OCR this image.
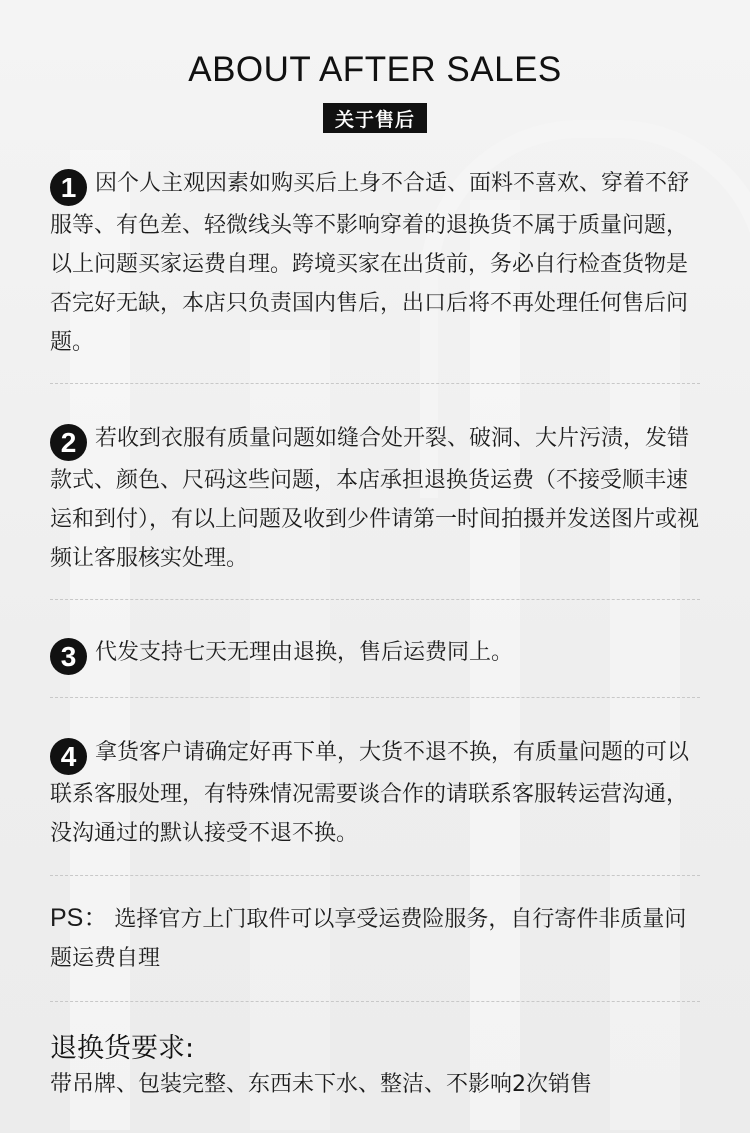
ABOUT AFTER SALES
关于售后
1 因个人主观因素如购买后上身不合适、面料不喜欢、穿着不舒服等、有色差、轻微线头等不影响穿着的退换货不属于质量问题，以上问题买家运费自理。跨境买家在出货前，务必自行检查货物是否完好无缺，本店只负责国内售后，出口后将不再处理任何售后问题。
2 若收到衣服有质量问题如缝合处开裂、破洞、大片污渍，发错款式、颜色、尺码这些问题，本店承担退换货运费（不接受顺丰速运和到付），有以上问题及收到少件请第一时间拍摄并发送图片或视频让客服核实处理。
3 代发支持七天无理由退换，售后运费同上。
4 拿货客户请确定好再下单，大货不退不换，有质量问题的可以联系客服处理，有特殊情况需要谈合作的请联系客服转运营沟通，没沟通过的默认接受不退不换。
PS： 选择官方上门取件可以享受运费险服务，自行寄件非质量问题运费自理
退换货要求:
带吊牌、包装完整、东西未下水、整洁、不影响2次销售
